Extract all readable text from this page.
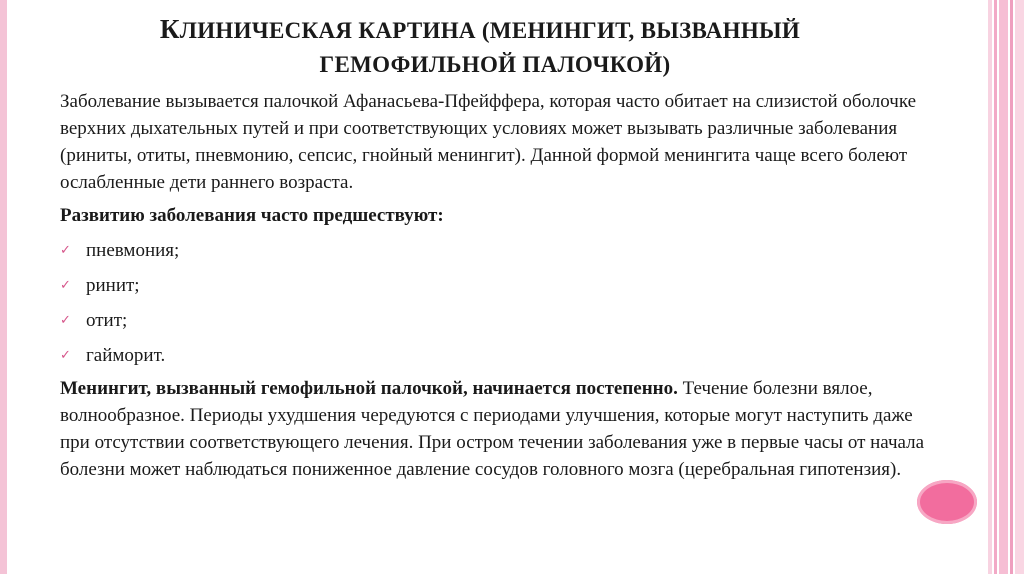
КЛИНИЧЕСКАЯ КАРТИНА (МЕНИНГИТ, ВЫЗВАННЫЙ
ГЕМОФИЛЬНОЙ ПАЛОЧКОЙ)

Заболевание вызывается палочкой Афанасьева-Пфейффера, которая часто обитает на слизистой оболочке верхних дыхательных путей и при соответствующих условиях может вызывать различные заболевания (риниты, отиты, пневмонию, сепсис, гнойный менингит). Данной формой менингита чаще всего болеют ослабленные дети раннего возраста.

Развитию заболевания часто предшествуют:

✓ пневмония;
✓ ринит;
✓ отит;
✓ гайморит.

Менингит, вызванный гемофильной палочкой, начинается постепенно. Течение болезни вялое, волнообразное. Периоды ухудшения чередуются с периодами улучшения, которые могут наступить даже при отсутствии соответствующего лечения. При остром течении заболевания уже в первые часы от начала болезни может наблюдаться пониженное давление сосудов головного мозга (церебральная гипотензия).
